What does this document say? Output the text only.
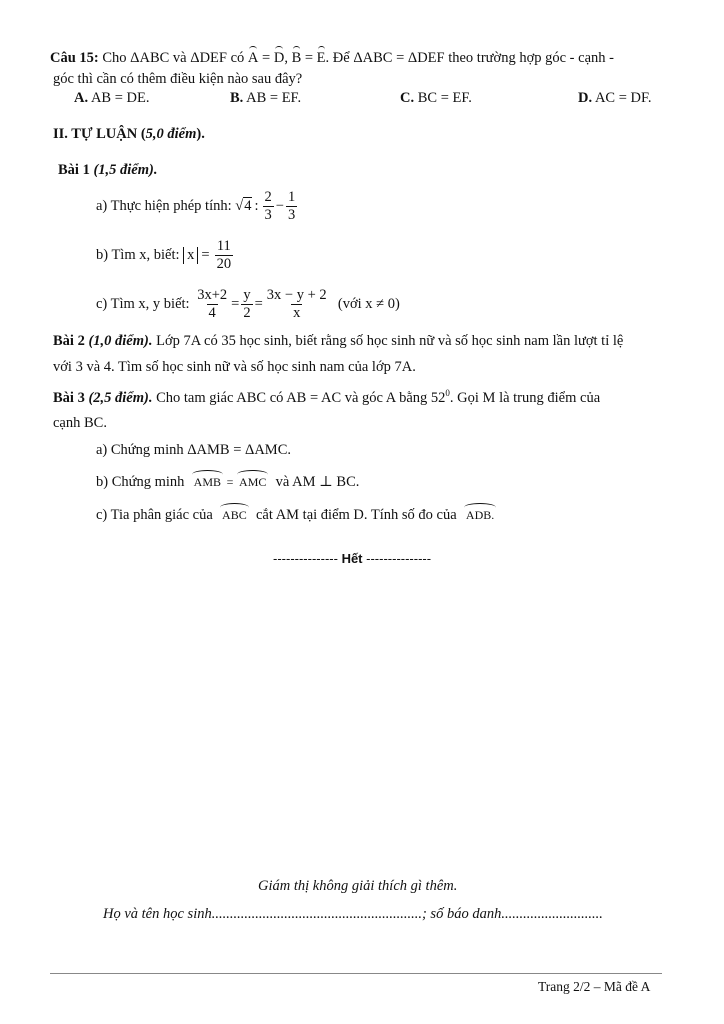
Câu 15: Cho ΔABC và ΔDEF có A = D, B = E. Để ΔABC = ΔDEF theo trường hợp góc - cạnh -
góc thì cần có thêm điều kiện nào sau đây?
A. AB = DE.	B. AB = EF.	C. BC = EF.	D. AC = DF.
II. TỰ LUẬN (5,0 điểm).
Bài 1 (1,5 điểm).
a) Thực hiện phép tính:
√4 : $\frac{2}{3} - \frac{1}{3}$
b) Tìm x, biết:
$x = \frac{11}{20}$
c) Tìm x, y biết:
$\frac{3x+2}{4} = \frac{y}{2} = \frac{3x - y + 2}{x}$
(với x ≠ 0)
Bài 2 (1,0 điểm). Lớp 7A có 35 học sinh, biết rằng số học sinh nữ và số học sinh nam lần lượt tỉ lệ
với 3 và 4. Tìm số học sinh nữ và số học sinh nam của lớp 7A.
Bài 3 (2,5 điểm). Cho tam giác ABC có AB = AC và góc A bằng $52^0$. Gọi M là trung điểm của
cạnh BC.
a) Chứng minh ΔAMB = ΔAMC.
b) Chứng minh AMB = AMC và AM ⊥ BC.
c) Tia phân giác của ABC cắt AM tại điểm D. Tính số đo của ADB.
--------------- Hết ---------------
Giám thị không giải thích gì thêm.
Họ và tên học sinh..........................................................; số báo danh............................
Trang 2/2 – Mã đề A
